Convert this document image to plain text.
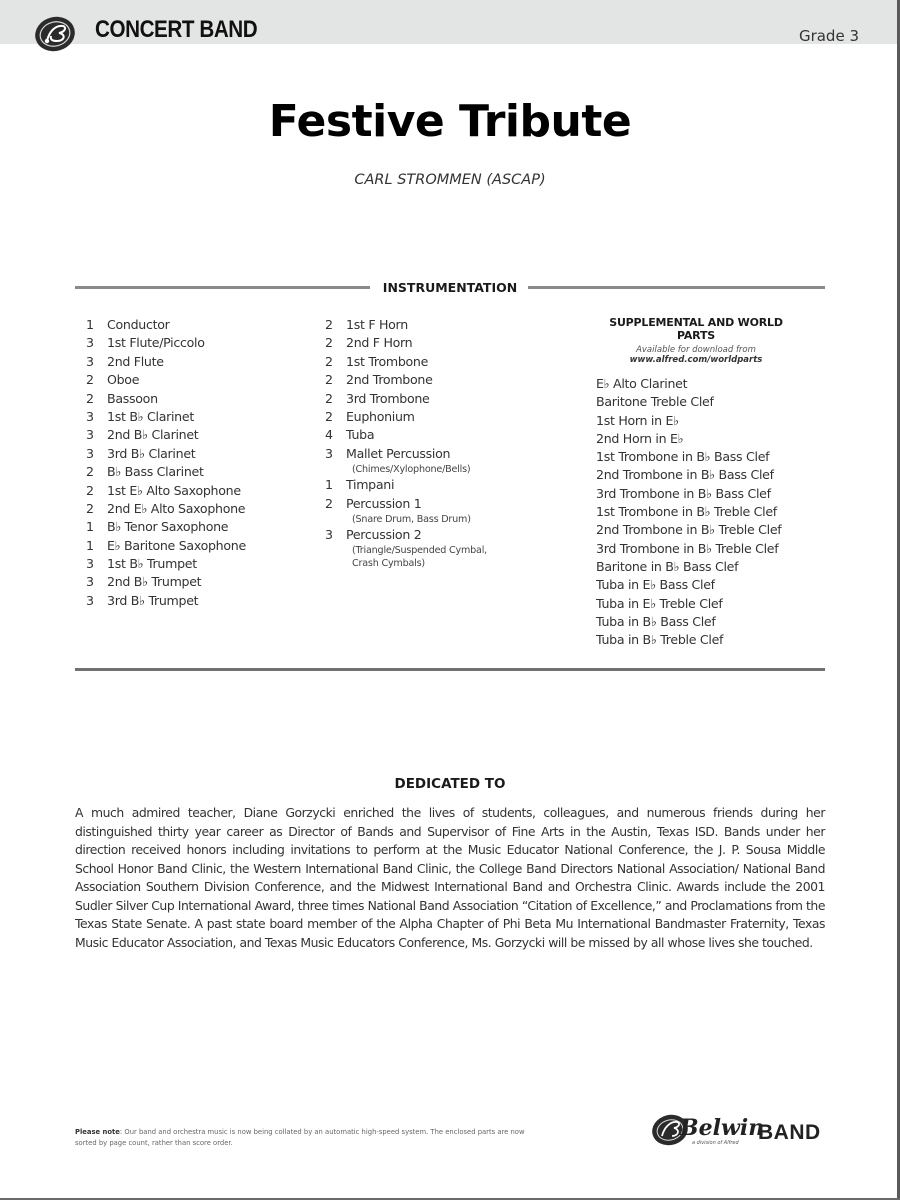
CONCERT BAND	Grade 3
Festive Tribute
CARL STROMMEN (ASCAP)
INSTRUMENTATION
1	Conductor
3	1st Flute/Piccolo
3	2nd Flute
2	Oboe
2	Bassoon
3	1st B♭ Clarinet
3	2nd B♭ Clarinet
3	3rd B♭ Clarinet
2	B♭ Bass Clarinet
2	1st E♭ Alto Saxophone
2	2nd E♭ Alto Saxophone
1	B♭ Tenor Saxophone
1	E♭ Baritone Saxophone
3	1st B♭ Trumpet
3	2nd B♭ Trumpet
3	3rd B♭ Trumpet
2	1st F Horn
2	2nd F Horn
2	1st Trombone
2	2nd Trombone
2	3rd Trombone
2	Euphonium
4	Tuba
3	Mallet Percussion
(Chimes/Xylophone/Bells)
1	Timpani
2	Percussion 1
(Snare Drum, Bass Drum)
3	Percussion 2
(Triangle/Suspended Cymbal,
Crash Cymbals)
SUPPLEMENTAL AND WORLD PARTS
Available for download from
www.alfred.com/worldparts
E♭ Alto Clarinet
Baritone Treble Clef
1st Horn in E♭
2nd Horn in E♭
1st Trombone in B♭ Bass Clef
2nd Trombone in B♭ Bass Clef
3rd Trombone in B♭ Bass Clef
1st Trombone in B♭ Treble Clef
2nd Trombone in B♭ Treble Clef
3rd Trombone in B♭ Treble Clef
Baritone in B♭ Bass Clef
Tuba in E♭ Bass Clef
Tuba in E♭ Treble Clef
Tuba in B♭ Bass Clef
Tuba in B♭ Treble Clef
DEDICATED TO
A much admired teacher, Diane Gorzycki enriched the lives of students, colleagues, and numerous friends during her distinguished thirty year career as Director of Bands and Supervisor of Fine Arts in the Austin, Texas ISD. Bands under her direction received honors including invitations to perform at the Music Educator National Conference, the J. P. Sousa Middle School Honor Band Clinic, the Western International Band Clinic, the College Band Directors National Association/ National Band Association Southern Division Conference, and the Midwest International Band and Orchestra Clinic. Awards include the 2001 Sudler Silver Cup International Award, three times National Band Association “Citation of Excellence,” and Proclamations from the Texas State Senate. A past state board member of the Alpha Chapter of Phi Beta Mu International Bandmaster Fraternity, Texas Music Educator Association, and Texas Music Educators Conference, Ms. Gorzycki will be missed by all whose lives she touched.
Please note: Our band and orchestra music is now being collated by an automatic high-speed system. The enclosed parts are now sorted by page count, rather than score order.
Belwin
BAND
a division of Alfred
